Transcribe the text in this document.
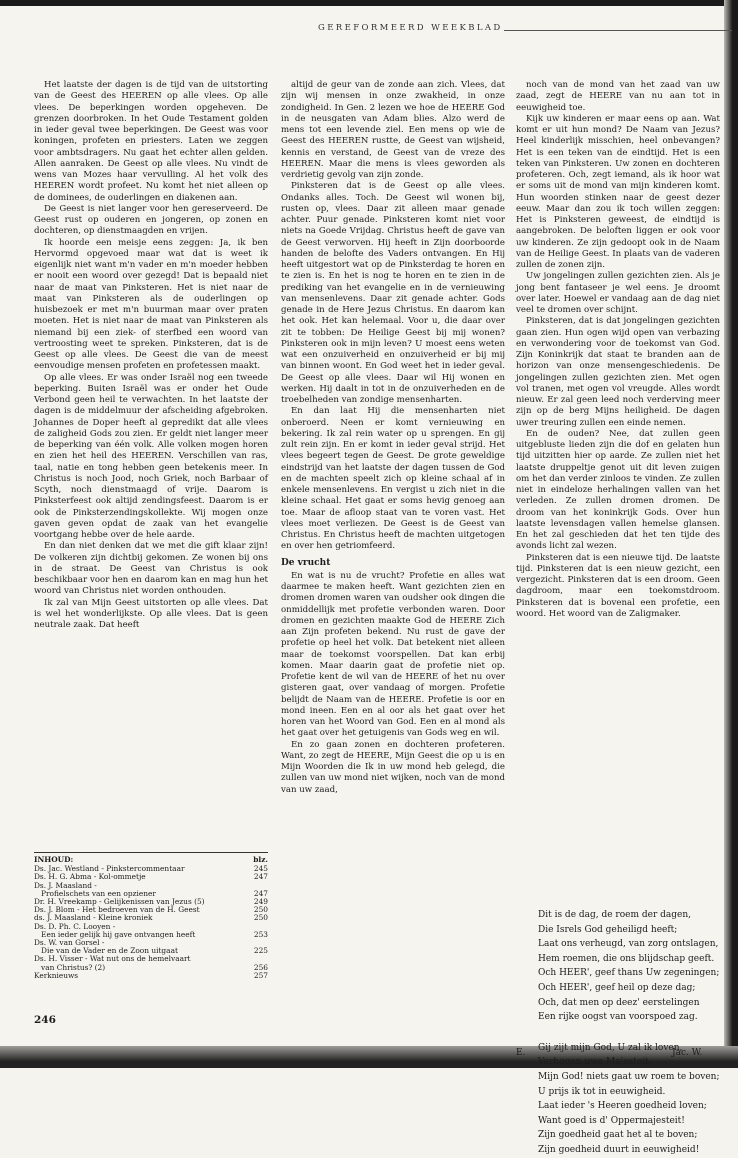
GEREFORMEERD WEEKBLAD

Het laatste der dagen is de tijd van de uitstorting van de Geest des HEEREN op alle vlees. Op alle vlees. De beperkingen worden opgeheven. De grenzen doorbroken. In het Oude Testament golden in ieder geval twee beperkingen. De Geest was voor koningen, profeten en priesters. Laten we zeggen voor ambtsdragers. Nu gaat het echter allen gelden. Allen aanraken. De Geest op alle vlees. Nu vindt de wens van Mozes haar vervulling. Al het volk des HEEREN wordt profeet. Nu komt het niet alleen op de dominees, de ouderlingen en diakenen aan.

De Geest is niet langer voor hen gereserveerd. De Geest rust op ouderen en jongeren, op zonen en dochteren, op dienstmaagden en vrijen.

Ik hoorde een meisje eens zeggen: Ja, ik ben Hervormd opgevoed maar wat dat is weet ik eigenlijk niet want m'n vader en m'n moeder hebben er nooit een woord over gezegd! Dat is bepaald niet naar de maat van Pinksteren. Het is niet naar de maat van Pinksteren als de ouderlingen op huisbezoek er met m'n buurman maar over praten moeten. Het is niet naar de maat van Pinksteren als niemand bij een ziek- of sterfbed een woord van vertroosting weet te spreken. Pinksteren, dat is de Geest op alle vlees. De Geest die van de meest eenvoudige mensen profeten en profetessen maakt.

Op alle vlees. Er was onder Israël nog een tweede beperking. Buiten Israël was er onder het Oude Verbond geen heil te verwachten. In het laatste der dagen is de middelmuur der afscheiding afgebroken. Johannes de Doper heeft al gepredikt dat alle vlees de zaligheid Gods zou zien. Er geldt niet langer meer de beperking van één volk. Alle volken mogen horen en zien het heil des HEEREN. Verschillen van ras, taal, natie en tong hebben geen betekenis meer. In Christus is noch Jood, noch Griek, noch Barbaar of Scyth, noch dienstmaagd of vrije. Daarom is Pinksterfeest ook altijd zendingsfeest. Daarom is er ook de Pinksterzendingskollekte. Wij mogen onze gaven geven opdat de zaak van het evangelie voortgang hebbe over de hele aarde.

En dan niet denken dat we met die gift klaar zijn! De volkeren zijn dichtbij gekomen. Ze wonen bij ons in de straat. De Geest van Christus is ook beschikbaar voor hen en daarom kan en mag hun het woord van Christus niet worden onthouden.

Ik zal van Mijn Geest uitstorten op alle vlees. Dat is wel het wonderlijkste. Op alle vlees. Dat is geen neutrale zaak. Dat heeft

INHOUD:	blz.
Ds. Jac. Westland - Pinkstercommentaar	245
Ds. H. G. Abma - Kol-ommetje	247
Ds. J. Maasland -
Profielschets van een opziener	247
Dr. H. Vreekamp - Gelijkenissen van Jezus (5)	249
Ds. J. Blom - Het bedroeven van de H. Geest	250
ds. J. Maasland - Kleine kroniek	250
Ds. D. Ph. C. Looyen -
Een ieder gelijk hij gave ontvangen heeft	253
Ds. W. van Gorsel -
Die van de Vader en de Zoon uitgaat	225
Ds. H. Visser - Wat nut ons de hemelvaart
van Christus? (2)	256
Kerknieuws	257
246

altijd de geur van de zonde aan zich. Vlees, dat zijn wij mensen in onze zwakheid, in onze zondigheid. In Gen. 2 lezen we hoe de HEERE God in de neusgaten van Adam blies. Alzo werd de mens tot een levende ziel. Een mens op wie de Geest des HEEREN rustte, de Geest van wijsheid, kennis en verstand, de Geest van de vreze des HEEREN. Maar die mens is vlees geworden als verdrietig gevolg van zijn zonde.

Pinksteren dat is de Geest op alle vlees. Ondanks alles. Toch. De Geest wil wonen bij, rusten op, vlees. Daar zit alleen maar genade achter. Puur genade. Pinksteren komt niet voor niets na Goede Vrijdag. Christus heeft de gave van de Geest verworven. Hij heeft in Zijn doorboorde handen de belofte des Vaders ontvangen. En Hij heeft uitgestort wat op de Pinksterdag te horen en te zien is. En het is nog te horen en te zien in de prediking van het evangelie en in de vernieuwing van mensenlevens. Daar zit genade achter. Gods genade in de Here Jezus Christus. En daarom kan het ook. Het kan helemaal. Voor u, die daar over zit te tobben: De Heilige Geest bij mij wonen? Pinksteren ook in mijn leven? U moest eens weten wat een onzuiverheid en onzuiverheid er bij mij van binnen woont. En God weet het in ieder geval. De Geest op alle vlees. Daar wil Hij wonen en werken. Hij daalt in tot in de onzuiverheden en de troebelheden van zondige mensenharten.

En dan laat Hij die mensenharten niet onberoerd. Neen er komt vernieuwing en bekering. Ik zal rein water op u sprengen. En gij zult rein zijn. En er komt in ieder geval strijd. Het vlees begeert tegen de Geest. De grote geweldige eindstrijd van het laatste der dagen tussen de God en de machten speelt zich op kleine schaal af in enkele mensenlevens. En vergist u zich niet in die kleine schaal. Het gaat er soms hevig genoeg aan toe. Maar de afloop staat van te voren vast. Het vlees moet verliezen. De Geest is de Geest van Christus. En Christus heeft de machten uitgetogen en over hen getriomfeerd.

De vrucht

En wat is nu de vrucht? Profetie en alles wat daarmee te maken heeft. Want gezichten zien en dromen dromen waren van oudsher ook dingen die onmiddellijk met profetie verbonden waren. Door dromen en gezichten maakte God de HEERE Zich aan Zijn profeten bekend. Nu rust de gave der profetie op heel het volk. Dat betekent niet alleen maar de toekomst voorspellen. Dat kan erbij komen. Maar daarin gaat de profetie niet op. Profetie kent de wil van de HEERE of het nu over gisteren gaat, over vandaag of morgen. Profetie belijdt de Naam van de HEERE. Profetie is oor en mond ineen. Een en al oor als het gaat over het horen van het Woord van God. Een en al mond als het gaat over het getuigenis van Gods weg en wil.

En zo gaan zonen en dochteren profeteren. Want, zo zegt de HEERE, Mijn Geest die op u is en Mijn Woorden die Ik in uw mond heb gelegd, die zullen van uw mond niet wijken, noch van de mond van uw zaad,

noch van de mond van het zaad van uw zaad, zegt de HEERE van nu aan tot in eeuwigheid toe.

Kijk uw kinderen er maar eens op aan. Wat komt er uit hun mond? De Naam van Jezus? Heel kinderlijk misschien, heel onbevangen? Het is een teken van de eindtijd. Het is een teken van Pinksteren. Uw zonen en dochteren profeteren. Och, zegt iemand, als ik hoor wat er soms uit de mond van mijn kinderen komt. Hun woorden stinken naar de geest dezer eeuw. Maar dan zou ik toch willen zeggen: Het is Pinksteren geweest, de eindtijd is aangebroken. De beloften liggen er ook voor uw kinderen. Ze zijn gedoopt ook in de Naam van de Heilige Geest. In plaats van de vaderen zullen de zonen zijn.

Uw jongelingen zullen gezichten zien. Als je jong bent fantaseer je wel eens. Je droomt over later. Hoewel er vandaag aan de dag niet veel te dromen over schijnt.

Pinksteren, dat is dat jongelingen gezichten gaan zien. Hun ogen wijd open van verbazing en verwondering voor de toekomst van God. Zijn Koninkrijk dat staat te branden aan de horizon van onze mensengeschiedenis. De jongelingen zullen gezichten zien. Met ogen vol tranen, met ogen vol vreugde. Alles wordt nieuw. Er zal geen leed noch verderving meer zijn op de berg Mijns heiligheid. De dagen uwer treuring zullen een einde nemen.

En de ouden? Nee, dat zullen geen uitgebluste lieden zijn die dof en gelaten hun tijd uitzitten hier op aarde. Ze zullen niet het laatste druppeltje genot uit dit leven zuigen om het dan verder zinloos te vinden. Ze zullen niet in eindeloze herhalingen vallen van het verleden. Ze zullen dromen dromen. De droom van het koninkrijk Gods. Over hun laatste levensdagen vallen hemelse glansen. En het zal geschieden dat het ten tijde des avonds licht zal wezen.

Pinksteren dat is een nieuwe tijd. De laatste tijd. Pinksteren dat is een nieuw gezicht, een vergezicht. Pinksteren dat is een droom. Geen dagdroom, maar een toekomstdroom. Pinksteren dat is bovenal een profetie, een woord. Het woord van de Zaligmaker.

Dit is de dag, de roem der dagen,
Die Isrels God geheiligd heeft;
Laat ons verheugd, van zorg ontslagen,
Hem roemen, die ons blijdschap geeft.
Och HEER', geef thans Uw zegeningen;
Och HEER', geef heil op deze dag;
Och, dat men op deez' eerstelingen
Een rijke oogst van voorspoed zag.
Gij zijt mijn God, U zal ik loven,
Verhogen uwe Majesteit.
Mijn God! niets gaat uw roem te boven;
U prijs ik tot in eeuwigheid.
Laat ieder 's Heeren goedheid loven;
Want goed is d' Oppermajesteit!
Zijn goedheid gaat het al te boven;
Zijn goedheid duurt in eeuwigheid!
E.	Jac. W.
